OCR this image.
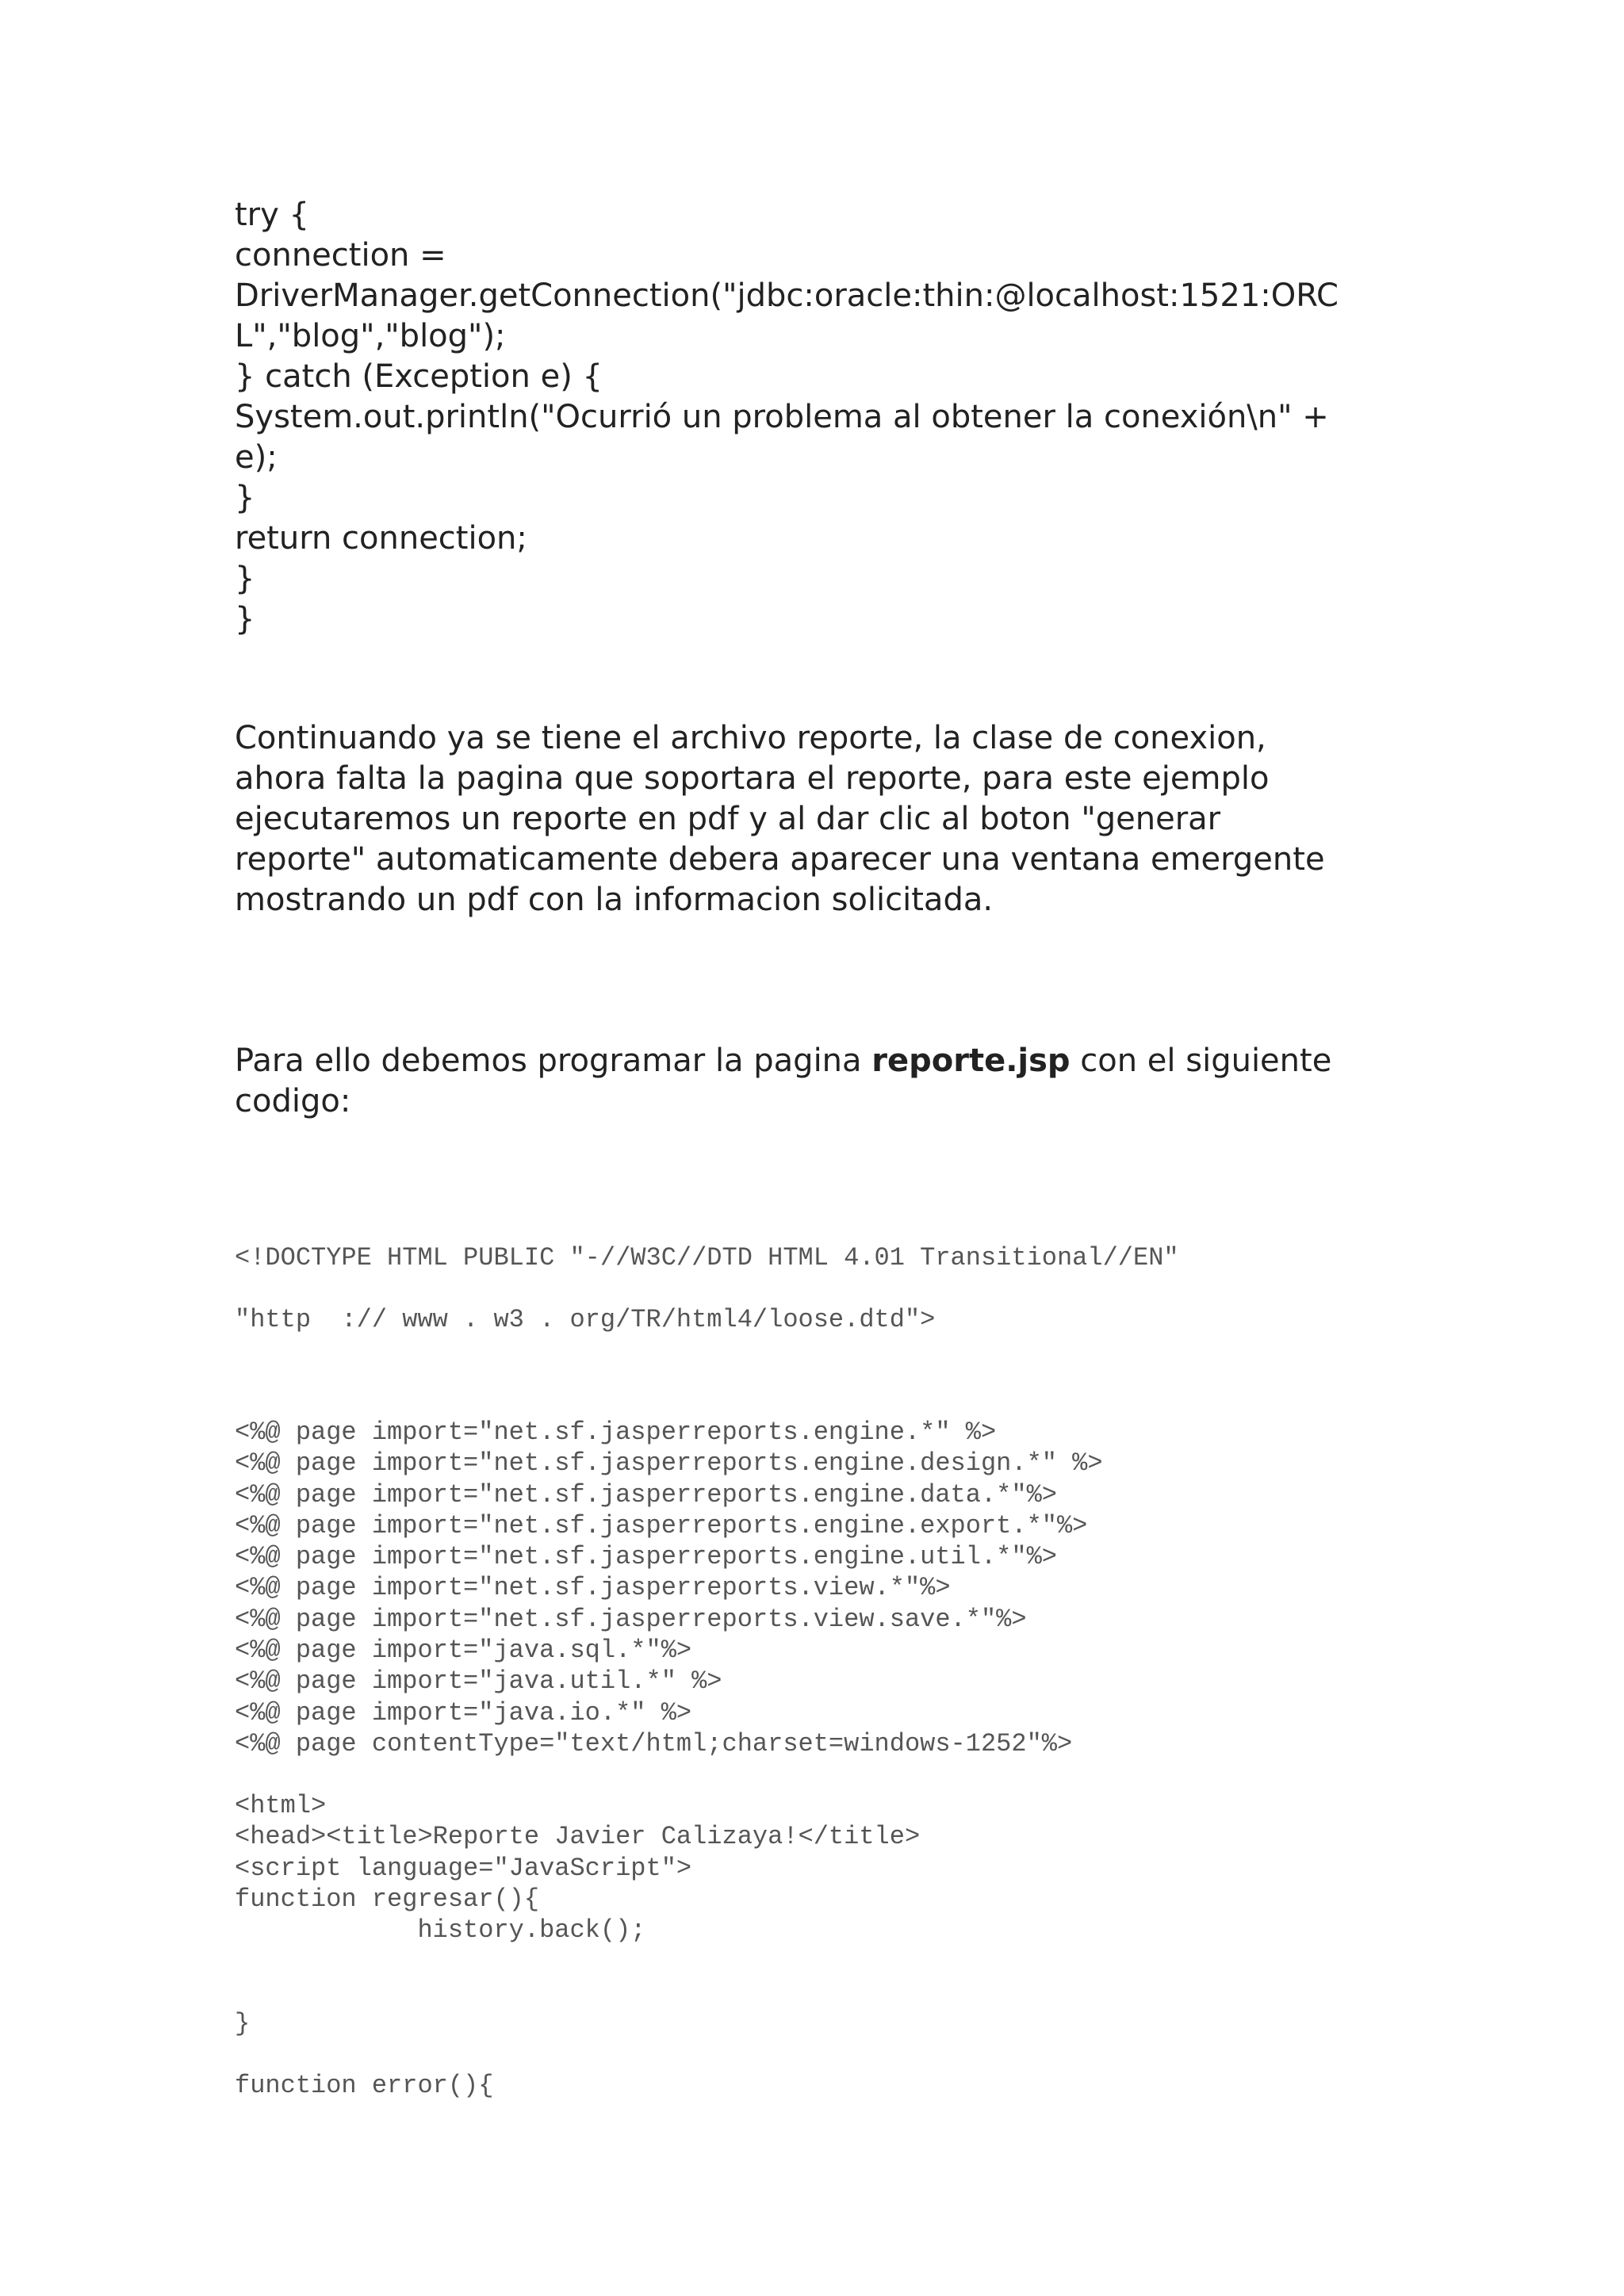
try {
connection =
DriverManager.getConnection("jdbc:oracle:thin:@localhost:1521:ORC
L","blog","blog");
} catch (Exception e) {
System.out.println("Ocurrió un problema al obtener la conexión\n" +
e);
}
return connection;
}
}
Continuando ya se tiene el archivo reporte, la clase de conexion,
ahora falta la pagina que soportara el reporte, para este ejemplo
ejecutaremos un reporte en pdf y al dar clic al boton "generar
reporte" automaticamente debera aparecer una ventana emergente
mostrando un pdf con la informacion solicitada.
Para ello debemos programar la pagina reporte.jsp con el siguiente
codigo:
<!DOCTYPE HTML PUBLIC "-//W3C//DTD HTML 4.01 Transitional//EN"
"http  :// www . w3 . org/TR/html4/loose.dtd">
<%@ page import="net.sf.jasperreports.engine.*" %>
<%@ page import="net.sf.jasperreports.engine.design.*" %>
<%@ page import="net.sf.jasperreports.engine.data.*"%>
<%@ page import="net.sf.jasperreports.engine.export.*"%>
<%@ page import="net.sf.jasperreports.engine.util.*"%>
<%@ page import="net.sf.jasperreports.view.*"%>
<%@ page import="net.sf.jasperreports.view.save.*"%>
<%@ page import="java.sql.*"%>
<%@ page import="java.util.*" %>
<%@ page import="java.io.*" %>
<%@ page contentType="text/html;charset=windows-1252"%>
<html>
<head><title>Reporte Javier Calizaya!</title>
<script language="JavaScript">
function regresar(){
history.back();
}
function error(){
